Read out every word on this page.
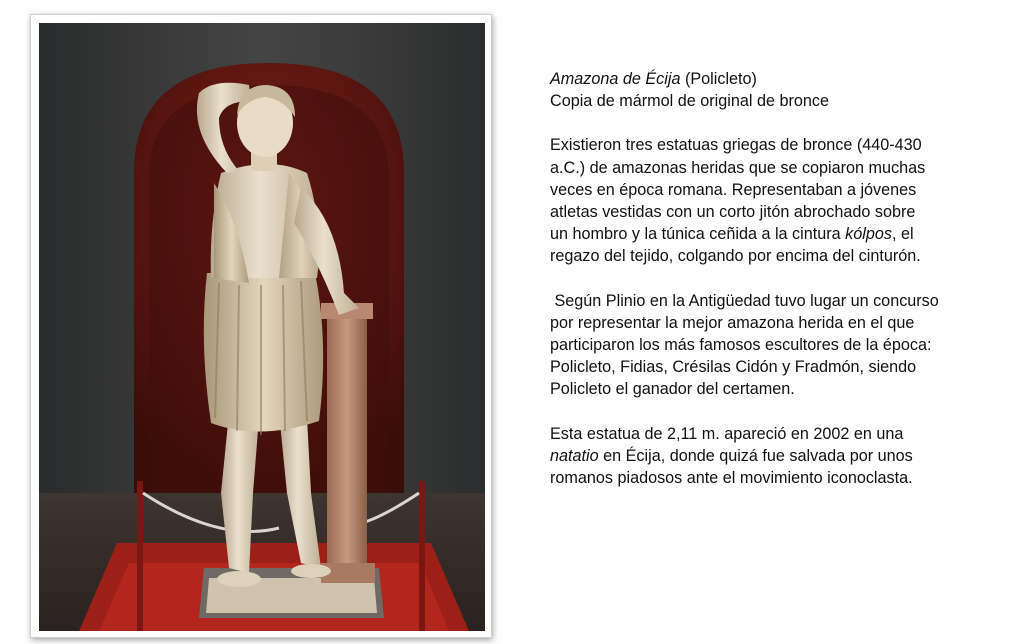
Amazona de Écija (Policleto)
Copia de mármol de original de bronce

Existieron tres estatuas griegas de bronce (440-430
a.C.) de amazonas heridas que se copiaron muchas
veces en época romana. Representaban a jóvenes
atletas vestidas con un corto jitón abrochado sobre
un hombro y la túnica ceñida a la cintura kólpos, el
regazo del tejido, colgando por encima del cinturón.

Según Plinio en la Antigüedad tuvo lugar un concurso
por representar la mejor amazona herida en el que
participaron los más famosos escultores de la época:
Policleto, Fidias, Crésilas Cidón y Fradmón, siendo
Policleto el ganador del certamen.

Esta estatua de 2,11 m. apareció en 2002 en una
natatio en Écija, donde quizá fue salvada por unos
romanos piadosos ante el movimiento iconoclasta.
